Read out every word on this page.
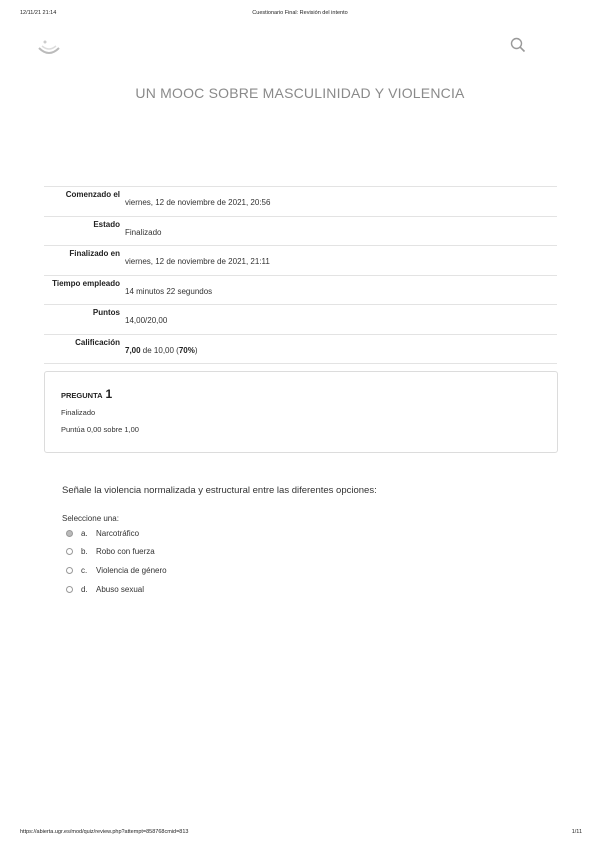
12/11/21 21:14	Cuestionario Final: Revisión del intento
UN MOOC SOBRE MASCULINIDAD Y VIOLENCIA
Comenzado el	viernes, 12 de noviembre de 2021, 20:56
Estado	Finalizado
Finalizado en	viernes, 12 de noviembre de 2021, 21:11
Tiempo empleado	14 minutos 22 segundos
Puntos	14,00/20,00
Calificación	7,00 de 10,00 (70%)
PREGUNTA 1
Finalizado
Puntúa 0,00 sobre 1,00
Señale la violencia normalizada y estructural entre las diferentes opciones:
Seleccione una:
a.	Narcotráfico
b.	Robo con fuerza
c.	Violencia de género
d.	Abuso sexual
https://abierta.ugr.es/mod/quiz/review.php?attempt=858768cmid=813	1/11
